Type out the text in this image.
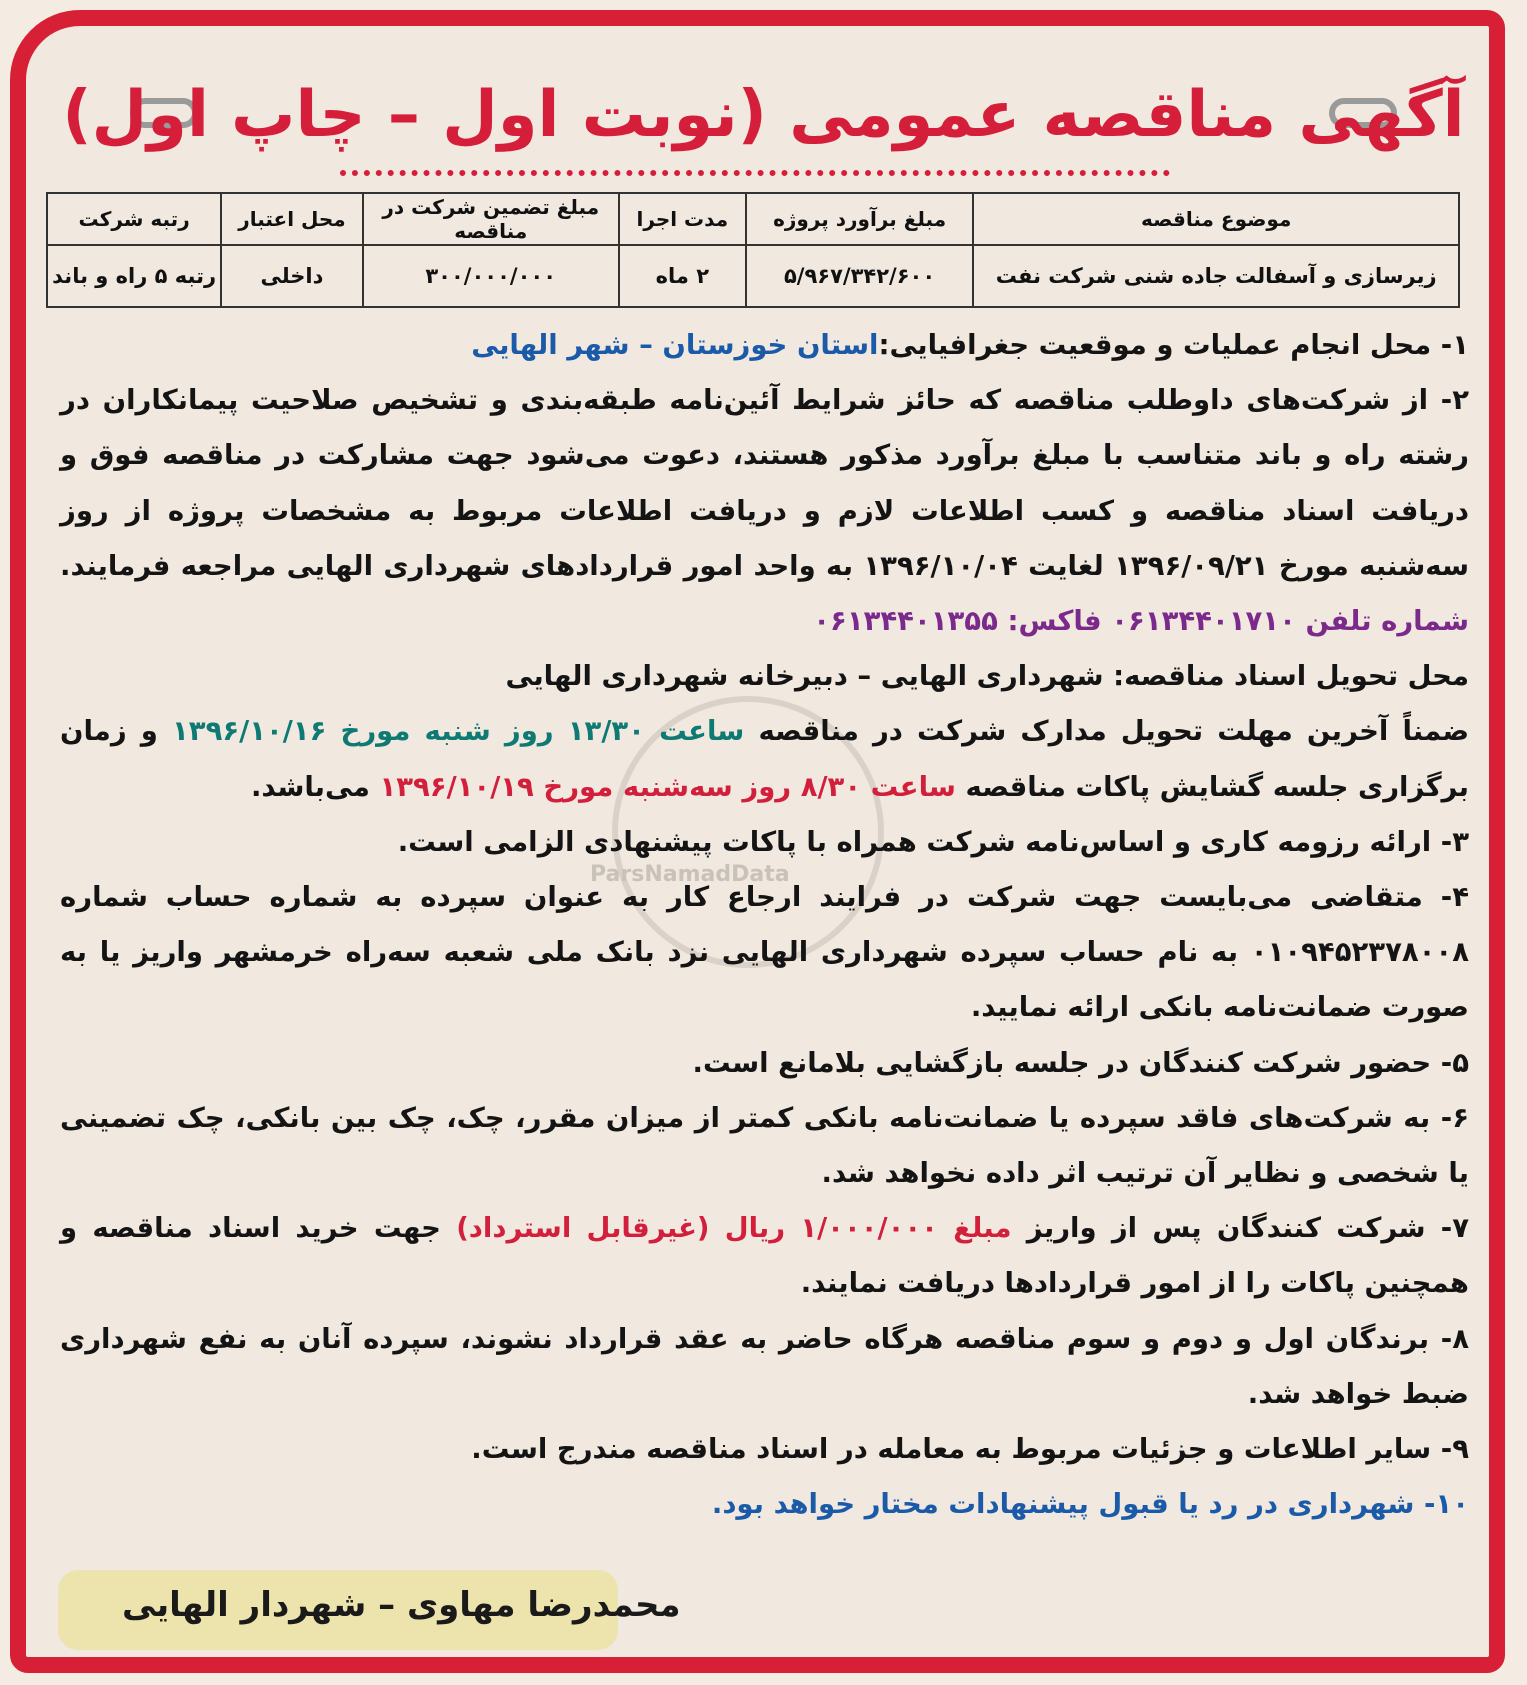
آگهی مناقصه عمومی (نوبت اول – چاپ اول)
موضوع مناقصه	مبلغ برآورد پروژه	مدت اجرا	مبلغ تضمین شرکت در مناقصه	محل اعتبار	رتبه شرکت
زیرسازی و آسفالت جاده شنی شرکت نفت	۵/۹۶۷/۳۴۲/۶۰۰	۲ ماه	۳۰۰/۰۰۰/۰۰۰	داخلی	رتبه ۵ راه و باند
ParsNamadData

۱- محل انجام عملیات و موقعیت جغرافیایی:استان خوزستان – شهر الهایی

۲- از شرکت‌های داوطلب مناقصه که حائز شرایط آئین‌نامه طبقه‌بندی و تشخیص صلاحیت پیمانکاران در رشته راه و باند متناسب با مبلغ برآورد مذکور هستند، دعوت می‌شود جهت مشارکت در مناقصه فوق و دریافت اسناد مناقصه و کسب اطلاعات لازم و دریافت اطلاعات مربوط به مشخصات پروژه از روز سه‌شنبه مورخ ۱۳۹۶/۰۹/۲۱ لغایت ۱۳۹۶/۱۰/۰۴ به واحد امور قراردادهای شهرداری الهایی مراجعه فرمایند. شماره تلفن ۰۶۱۳۴۴۰۱۷۱۰ فاکس: ۰۶۱۳۴۴۰۱۳۵۵

محل تحویل اسناد مناقصه: شهرداری الهایی – دبیرخانه شهرداری الهایی

ضمناً آخرین مهلت تحویل مدارک شرکت در مناقصه ساعت ۱۳/۳۰ روز شنبه مورخ ۱۳۹۶/۱۰/۱۶ و زمان برگزاری جلسه گشایش پاکات مناقصه ساعت ۸/۳۰ روز سه‌شنبه مورخ ۱۳۹۶/۱۰/۱۹ می‌باشد.

۳- ارائه رزومه کاری و اساس‌نامه شرکت همراه با پاکات پیشنهادی الزامی است.

۴- متقاضی می‌بایست جهت شرکت در فرایند ارجاع کار به عنوان سپرده به شماره حساب شماره ۰۱۰۹۴۵۲۳۷۸۰۰۸ به نام حساب سپرده شهرداری الهایی نزد بانک ملی شعبه سه‌راه خرمشهر واریز یا به صورت ضمانت‌نامه بانکی ارائه نمایید.

۵- حضور شرکت کنندگان در جلسه بازگشایی بلامانع است.

۶- به شرکت‌های فاقد سپرده یا ضمانت‌نامه بانکی کمتر از میزان مقرر، چک، چک بین بانکی، چک تضمینی یا شخصی و نظایر آن ترتیب اثر داده نخواهد شد.

۷- شرکت کنندگان پس از واریز مبلغ ۱/۰۰۰/۰۰۰ ریال (غیرقابل استرداد) جهت خرید اسناد مناقصه و همچنین پاکات را از امور قراردادها دریافت نمایند.

۸- برندگان اول و دوم و سوم مناقصه هرگاه حاضر به عقد قرارداد نشوند، سپرده آنان به نفع شهرداری ضبط خواهد شد.

۹- سایر اطلاعات و جزئیات مربوط به معامله در اسناد مناقصه مندرج است.

۱۰- شهرداری در رد یا قبول پیشنهادات مختار خواهد بود.

محمدرضا مهاوی – شهردار الهایی
